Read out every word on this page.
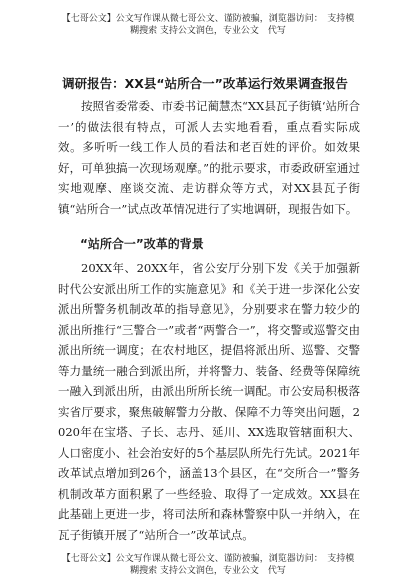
【七哥公文】公文写作课从微七哥公文、谨防被骗，浏览器访问：　支持模糊搜索 支持公文润色，专业公文　代写
调研报告：XX县“站所合一”改革运行效果调查报告
按照省委常委、市委书记蔺慧杰“XX县瓦子街镇‘站所合一’的做法很有特点，可派人去实地看看，重点看实际成效。多听听一线工作人员的看法和老百姓的评价。如效果好，可单独搞一次现场观摩。”的批示要求，市委政研室通过实地观摩、座谈交流、走访群众等方式，对XX县瓦子街镇“站所合一”试点改革情况进行了实地调研，现报告如下。
“站所合一”改革的背景
20XX年、20XX年，省公安厅分别下发《关于加强新时代公安派出所工作的实施意见》和《关于进一步深化公安派出所警务机制改革的指导意见》，分别要求在警力较少的派出所推行“三警合一”或者“两警合一”，将交警或巡警交由派出所统一调度；在农村地区，提倡将派出所、巡警、交警等力量统一融合到派出所，并将警力、装备、经费等保障统一融入到派出所，由派出所所长统一调配。市公安局积极落实省厅要求，聚焦破解警力分散、保障不力等突出问题，2020年在宝塔、子长、志丹、延川、XX选取管辖面积大、人口密度小、社会治安好的5个基层队所先行先试。2021年改革试点增加到26个，涵盖13个县区，在“交所合一”警务机制改革方面积累了一些经验、取得了一定成效。XX县在此基础上更进一步，将司法所和森林警察中队一并纳入，在瓦子街镇开展了“站所合一”改革试点。
【七哥公文】公文写作课从微七哥公文、谨防被骗，浏览器访问：　支持模糊搜索 支持公文润色，专业公文　代写
